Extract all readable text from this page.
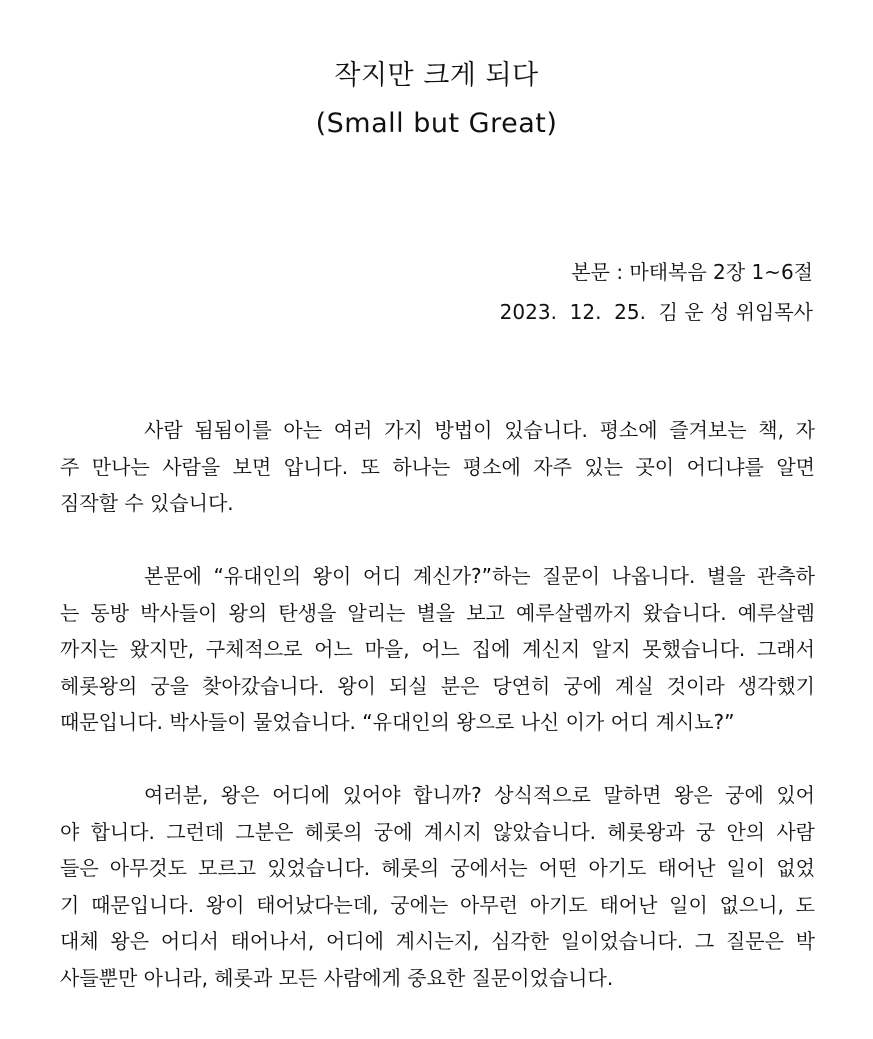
작지만 크게 되다
(Small but Great)
본문 : 마태복음 2장 1~6절
2023.  12.  25.  김 운 성 위임목사

사람 됨됨이를 아는 여러 가지 방법이 있습니다. 평소에 즐겨보는 책, 자
주 만나는 사람을 보면 압니다. 또 하나는 평소에 자주 있는 곳이 어디냐를 알면
짐작할 수 있습니다.

본문에 “유대인의 왕이 어디 계신가?”하는 질문이 나옵니다. 별을 관측하
는 동방 박사들이 왕의 탄생을 알리는 별을 보고 예루살렘까지 왔습니다. 예루살렘
까지는 왔지만, 구체적으로 어느 마을, 어느 집에 계신지 알지 못했습니다. 그래서
헤롯왕의 궁을 찾아갔습니다. 왕이 되실 분은 당연히 궁에 계실 것이라 생각했기
때문입니다. 박사들이 물었습니다. “유대인의 왕으로 나신 이가 어디 계시뇨?”

여러분, 왕은 어디에 있어야 합니까? 상식적으로 말하면 왕은 궁에 있어
야 합니다. 그런데 그분은 헤롯의 궁에 계시지 않았습니다. 헤롯왕과 궁 안의 사람
들은 아무것도 모르고 있었습니다. 헤롯의 궁에서는 어떤 아기도 태어난 일이 없었
기 때문입니다. 왕이 태어났다는데, 궁에는 아무런 아기도 태어난 일이 없으니, 도
대체 왕은 어디서 태어나서, 어디에 계시는지, 심각한 일이었습니다. 그 질문은 박
사들뿐만 아니라, 헤롯과 모든 사람에게 중요한 질문이었습니다.
